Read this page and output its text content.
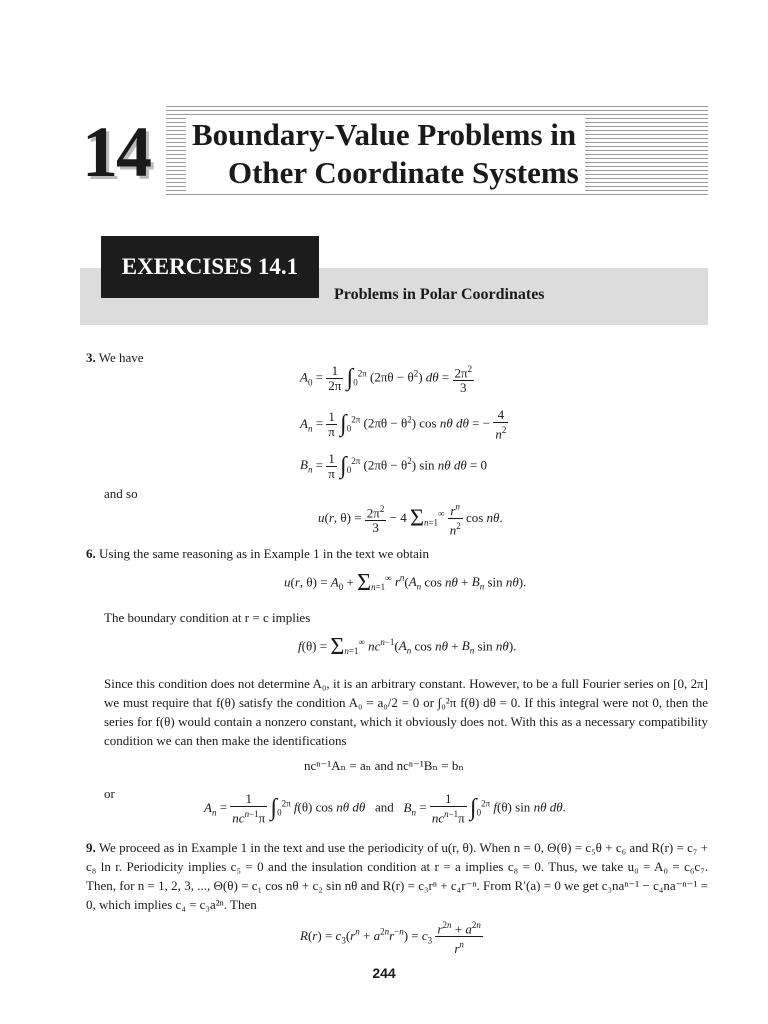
14 Boundary-Value Problems in
Other Coordinate Systems
EXERCISES 14.1
Problems in Polar Coordinates
3. We have
$A_0 = \frac{1}{2\pi} \int_0^{2\pi}$ $(2\pi\theta - \theta^2)$ $d\theta = \frac{2\pi^2}{3}$
$A_n = \frac{1}{\pi} \int_0^{2\pi}$ $(2\pi\theta - \theta^2)$ cos nθ dθ = − $\frac{4}{n^2}$
$B_n = \frac{1}{\pi} \int_0^{2\pi}$ $(2\pi\theta - \theta^2)$ sin nθ dθ = 0
and so
u(r, $\theta) = \frac{2\pi^2}{3} - 4$ $\Sigma_{n=1}^\infty \frac{r^n}{n^2}$ cos nθ.
6. Using the same reasoning as in Example 1 in the text we obtain
u(r, $\theta) = A_0 + \Sigma_{n=1}^\infty$ $r^n(A_n$ $\cos n\theta + B_n$ sin nθ).
The boundary condition at r = c implies
$f(\theta) = \Sigma_{n=1}^\infty$ $nc^{n-1}(A_n$ $\cos n\theta + B_n$ sin nθ).
Since this condition does not determine A₀, it is an arbitrary constant. However, to be a full Fourier series on [0, 2π] we must require that f(θ) satisfy the condition A₀ = a₀/2 = 0 or ∫₀²π f(θ) dθ = 0. If this integral were not 0, then the series for f(θ) would contain a nonzero constant, which it obviously does not. With this as a necessary compatibility condition we can then make the identifications
ncⁿ⁻¹Aₙ = aₙ and ncⁿ⁻¹Bₙ = bₙ
or
$A_n = \frac{1}{nc^{n-1}\pi} \int_0^{2\pi}$ f(θ) cos nθ dθ   and   $B_n = \frac{1}{nc^{n-1}\pi} \int_0^{2\pi}$ f(θ) sin nθ dθ.
9. We proceed as in Example 1 in the text and use the periodicity of u(r, θ). When n = 0, Θ(θ) = c₅θ + c₆ and R(r) = c₇ + c₈ ln r. Periodicity implies c₅ = 0 and the insulation condition at r = a implies c₈ = 0. Thus, we take u₀ = A₀ = c₆c₇. Then, for n = 1, 2, 3, ..., Θ(θ) = c₁ cos nθ + c₂ sin nθ and R(r) = c₃rⁿ + c₄r⁻ⁿ. From R′(a) = 0 we get c₃naⁿ⁻¹ − c₄na⁻ⁿ⁻¹ = 0, which implies c₄ = c₃a²ⁿ. Then
$R(r) = c_3(r^n + a^{2n}r^{-n}) = c_3 \frac{r^{2n} + a^{2n}}{r^n}$
244
